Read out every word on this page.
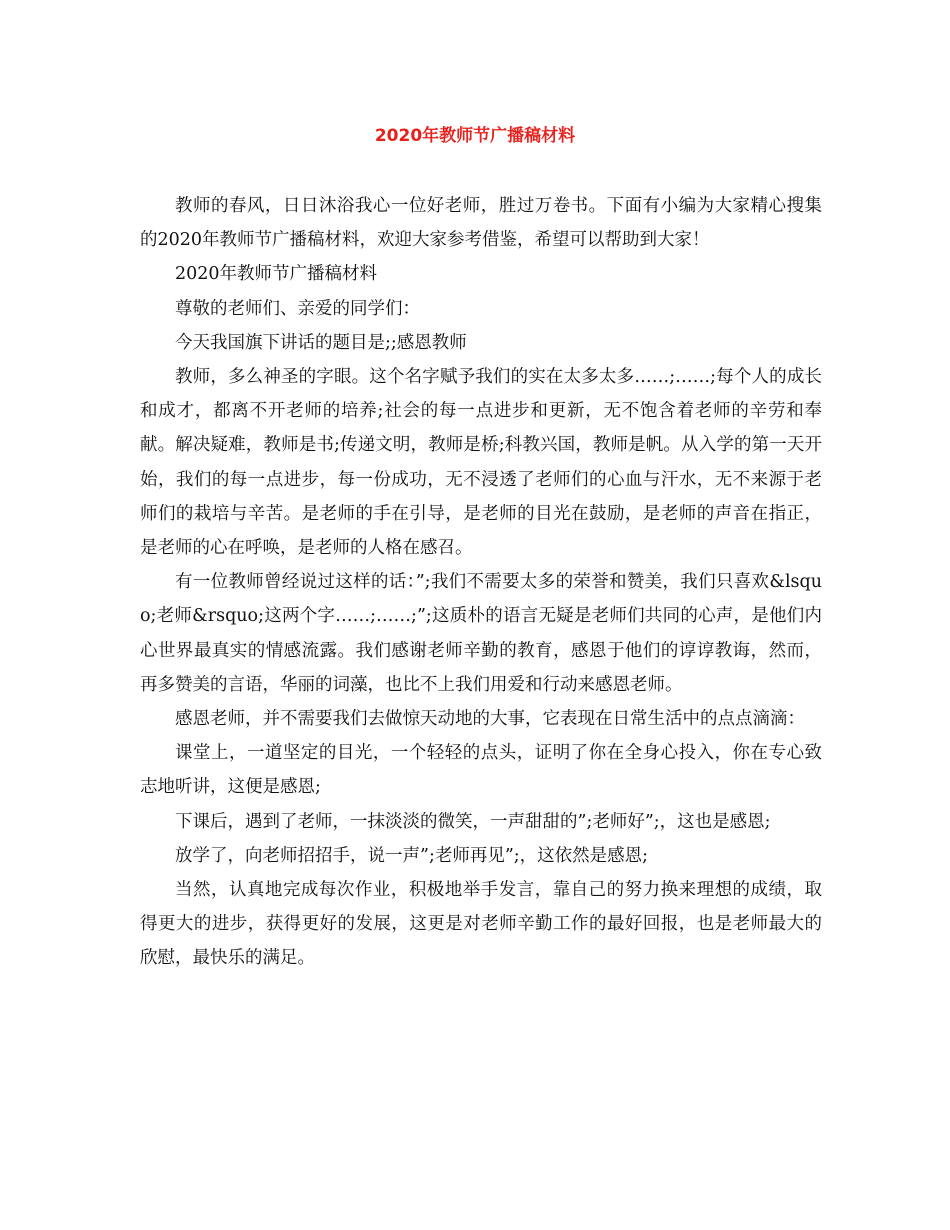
2020年教师节广播稿材料

教师的春风，日日沐浴我心一位好老师，胜过万卷书。下面有小编为大家精心搜集的2020年教师节广播稿材料，欢迎大家参考借鉴，希望可以帮助到大家！

2020年教师节广播稿材料

尊敬的老师们、亲爱的同学们：

今天我国旗下讲话的题目是;;感恩教师

教师，多么神圣的字眼。这个名字赋予我们的实在太多太多……;……;每个人的成长和成才，都离不开老师的培养;社会的每一点进步和更新，无不饱含着老师的辛劳和奉献。解决疑难，教师是书;传递文明，教师是桥;科教兴国，教师是帆。从入学的第一天开始，我们的每一点进步，每一份成功，无不浸透了老师们的心血与汗水，无不来源于老师们的栽培与辛苦。是老师的手在引导，是老师的目光在鼓励，是老师的声音在指正，是老师的心在呼唤，是老师的人格在感召。

有一位教师曾经说过这样的话：”;我们不需要太多的荣誉和赞美，我们只喜欢&lsquo;老师&rsquo;这两个字……;……;”;这质朴的语言无疑是老师们共同的心声，是他们内心世界最真实的情感流露。我们感谢老师辛勤的教育，感恩于他们的谆谆教诲，然而，再多赞美的言语，华丽的词藻，也比不上我们用爱和行动来感恩老师。

感恩老师，并不需要我们去做惊天动地的大事，它表现在日常生活中的点点滴滴：

课堂上，一道坚定的目光，一个轻轻的点头，证明了你在全身心投入，你在专心致志地听讲，这便是感恩;

下课后，遇到了老师，一抹淡淡的微笑，一声甜甜的”;老师好”;，这也是感恩;

放学了，向老师招招手，说一声”;老师再见”;，这依然是感恩;

当然，认真地完成每次作业，积极地举手发言，靠自己的努力换来理想的成绩，取得更大的进步，获得更好的发展，这更是对老师辛勤工作的最好回报，也是老师最大的欣慰，最快乐的满足。
